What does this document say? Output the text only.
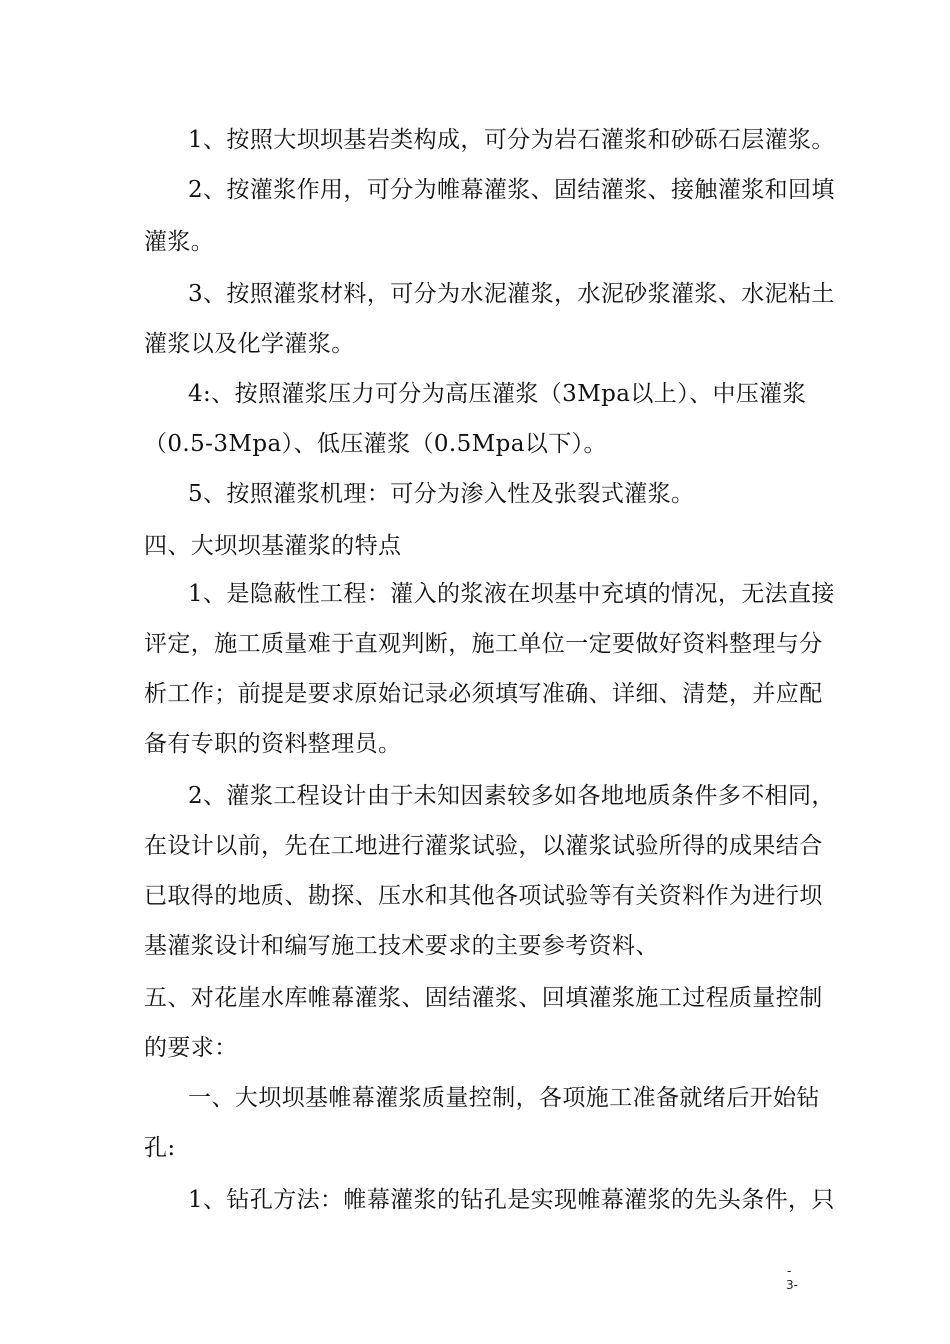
1、按照大坝坝基岩类构成，可分为岩石灌浆和砂砾石层灌浆。
2、按灌浆作用，可分为帷幕灌浆、固结灌浆、接触灌浆和回填
灌浆。
3、按照灌浆材料，可分为水泥灌浆，水泥砂浆灌浆、水泥粘土
灌浆以及化学灌浆。
4:、按照灌浆压力可分为高压灌浆（3Mpa以上）、中压灌浆
（0.5-3Mpa）、低压灌浆（0.5Mpa以下）。
5、按照灌浆机理：可分为渗入性及张裂式灌浆。
四、大坝坝基灌浆的特点
1、是隐蔽性工程：灌入的浆液在坝基中充填的情况，无法直接
评定，施工质量难于直观判断，施工单位一定要做好资料整理与分
析工作；前提是要求原始记录必须填写准确、详细、清楚，并应配
备有专职的资料整理员。
2、灌浆工程设计由于未知因素较多如各地地质条件多不相同，
在设计以前，先在工地进行灌浆试验，以灌浆试验所得的成果结合
已取得的地质、勘探、压水和其他各项试验等有关资料作为进行坝
基灌浆设计和编写施工技术要求的主要参考资料、
五、对花崖水库帷幕灌浆、固结灌浆、回填灌浆施工过程质量控制
的要求：
一、大坝坝基帷幕灌浆质量控制，各项施工准备就绪后开始钻
孔:
1、钻孔方法：帷幕灌浆的钻孔是实现帷幕灌浆的先头条件，只
-
3-
